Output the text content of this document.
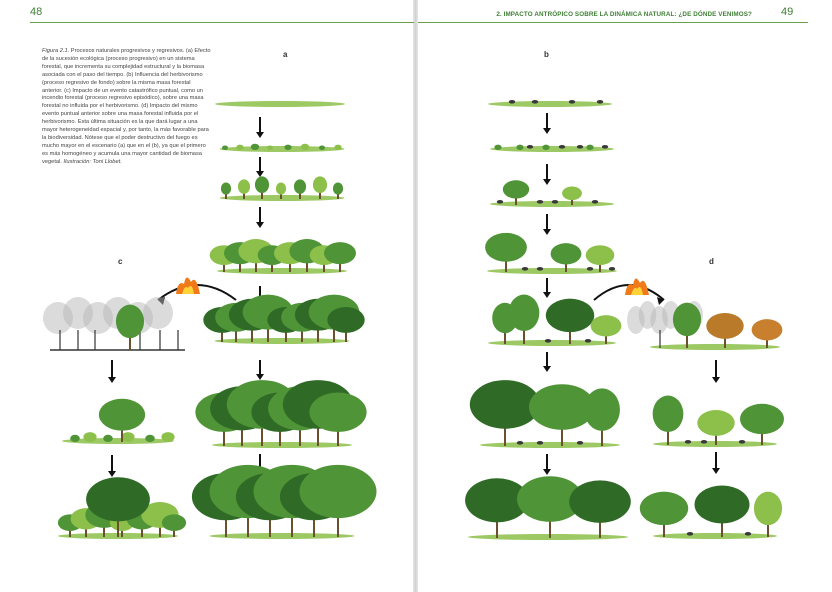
48	49
2. IMPACTO ANTRÓPICO SOBRE LA DINÁMICA NATURAL: ¿DE DÓNDE VENIMOS?
Figura 2.1. Procesos naturales progresivos y regresivos. (a) Efecto de la sucesión ecológica (proceso progresivo) en un sistema forestal, que incrementa su complejidad estructural y la biomasa asociada con el paso del tiempo. (b) Influencia del herbivorismo (proceso regresivo de fondo) sobre la misma masa forestal anterior. (c) Impacto de un evento catastrófico puntual, como un incendio forestal (proceso regresivo episódico), sobre una masa forestal no influida por el herbivorismo. (d) Impacto del mismo evento puntual anterior sobre una masa forestal influida por el herbivorismo. Esta última situación es la que dará lugar a una mayor heterogeneidad espacial y, por tanto, la más favorable para la biodiversidad. Nótese que el poder destructivo del fuego es mucho mayor en el escenario (a) que en el (b), ya que el primero es más homogéneo y acumula una mayor cantidad de biomasa vegetal. Ilustración: Toni Llobet.
a
c
b
d
